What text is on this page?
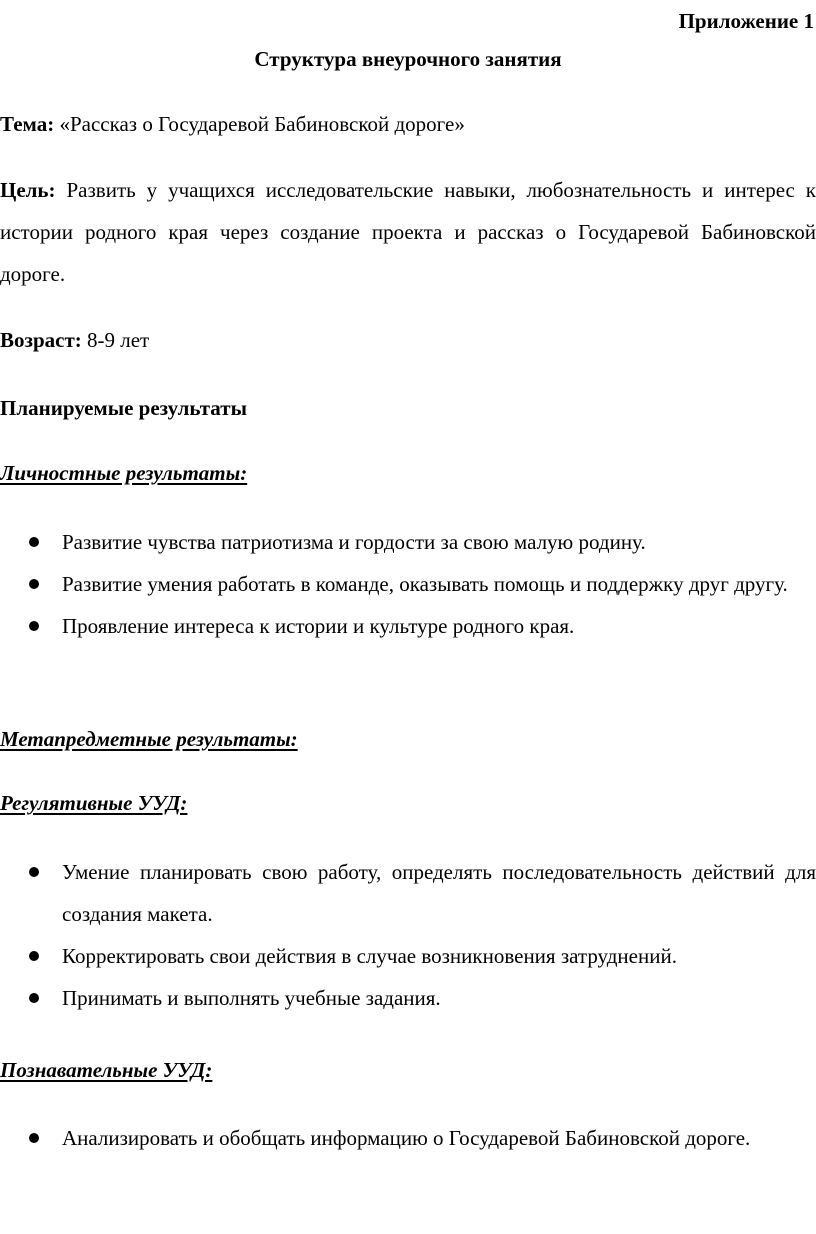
Приложение 1

Структура внеурочного занятия

Тема: «Рассказ о Государевой Бабиновской дороге»

Цель: Развить у учащихся исследовательские навыки, любознательность и интерес к истории родного края через создание проекта и рассказ о Государевой Бабиновской дороге.

Возраст: 8-9 лет

Планируемые результаты

Личностные результаты:

Развитие чувства патриотизма и гордости за свою малую родину.
Развитие умения работать в команде, оказывать помощь и поддержку друг другу.
Проявление интереса к истории и культуре родного края.

Метапредметные результаты:

Регулятивные УУД:

Умение планировать свою работу, определять последовательность действий для создания макета.
Корректировать свои действия в случае возникновения затруднений.
Принимать и выполнять учебные задания.

Познавательные УУД:

Анализировать и обобщать информацию о Государевой Бабиновской дороге.
